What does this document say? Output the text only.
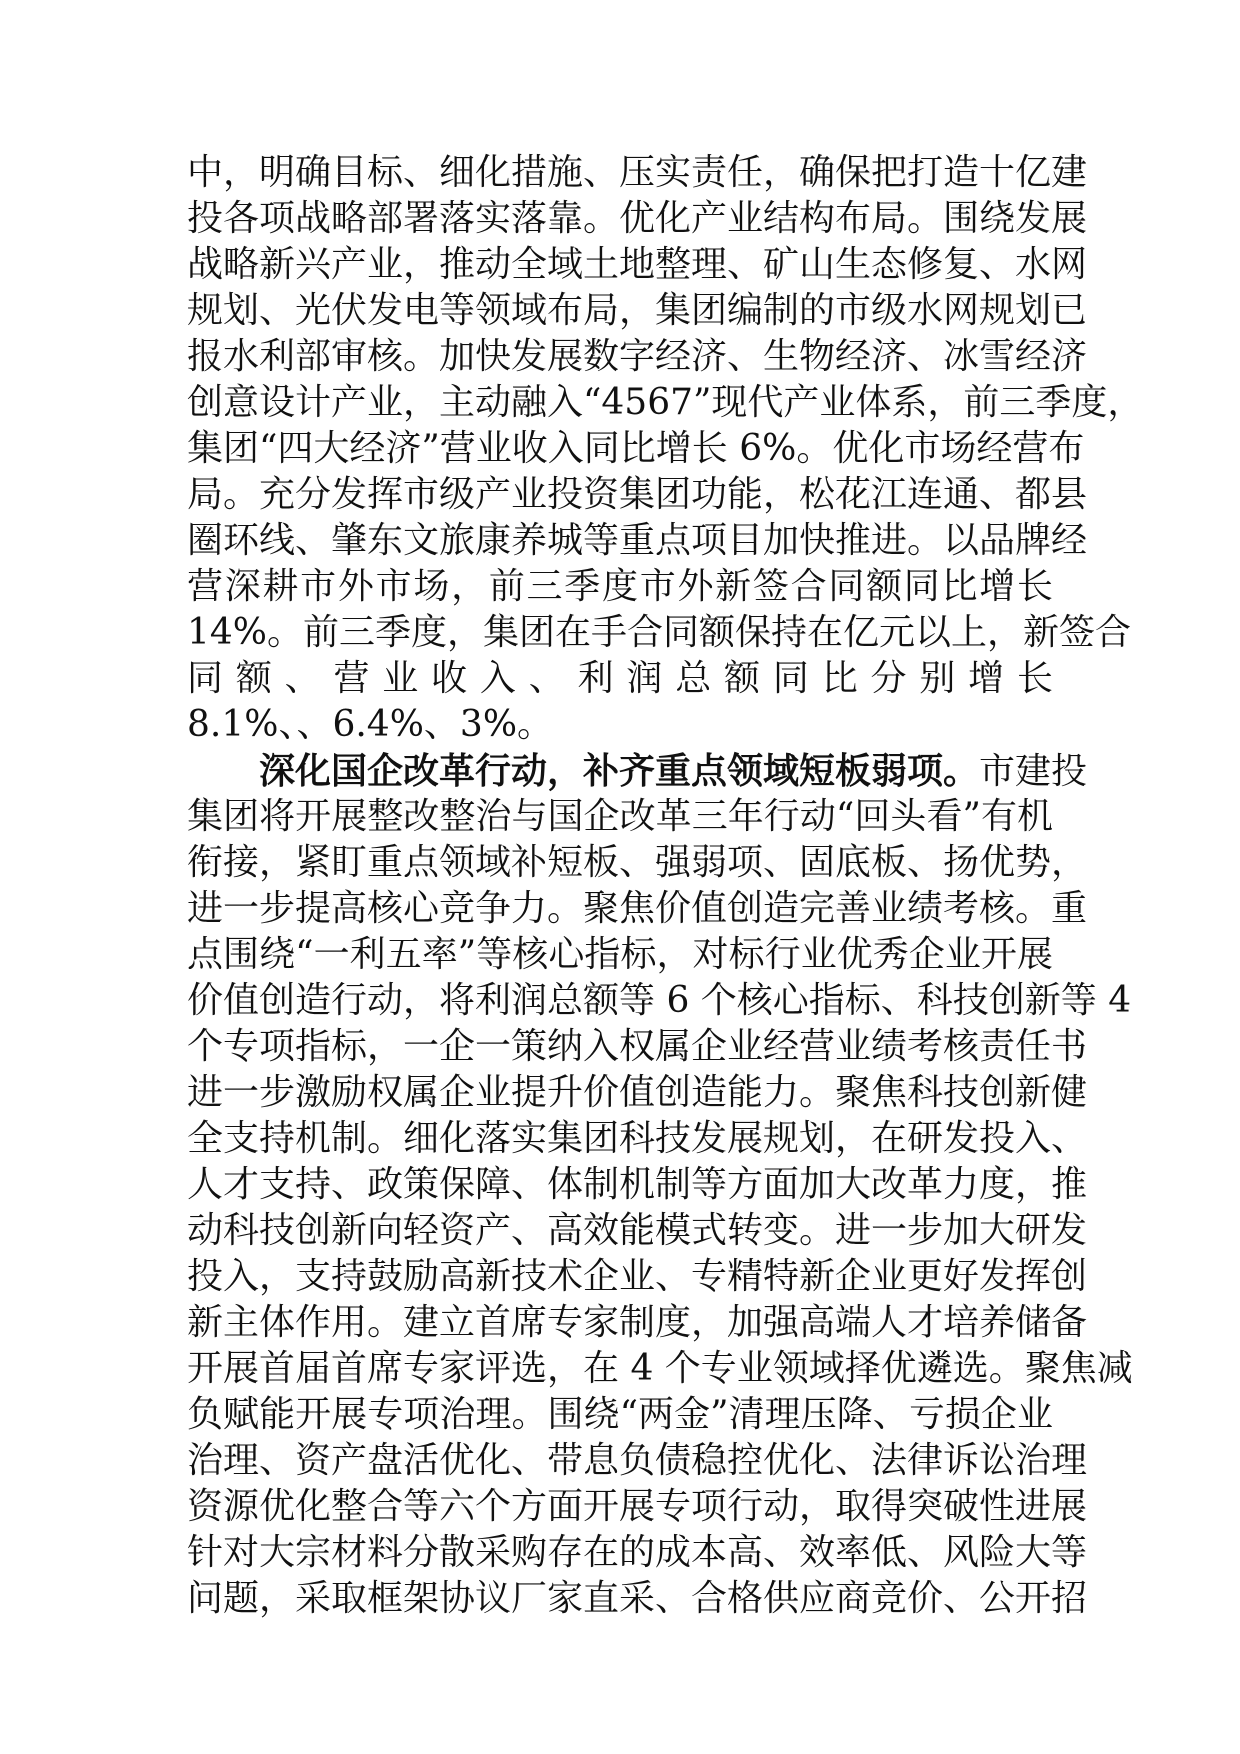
中，明确目标、细化措施、压实责任，确保把打造十亿建
投各项战略部署落实落靠。优化产业结构布局。围绕发展
战略新兴产业，推动全域土地整理、矿山生态修复、水网
规划、光伏发电等领域布局，集团编制的市级水网规划已
报水利部审核。加快发展数字经济、生物经济、冰雪经济
创意设计产业，主动融入“4567”现代产业体系，前三季度，
集团“四大经济”营业收入同比增长 6%。优化市场经营布
局。充分发挥市级产业投资集团功能，松花江连通、都县
圈环线、肇东文旅康养城等重点项目加快推进。以品牌经
营深耕市外市场，前三季度市外新签合同额同比增长
14%。前三季度，集团在手合同额保持在亿元以上，新签合
同额、营业收入、利润总额同比分别增长
8.1%、、6.4%、3%。
深化国企改革行动，补齐重点领域短板弱项。市建投
集团将开展整改整治与国企改革三年行动“回头看”有机
衔接，紧盯重点领域补短板、强弱项、固底板、扬优势，
进一步提高核心竞争力。聚焦价值创造完善业绩考核。重
点围绕“一利五率”等核心指标，对标行业优秀企业开展
价值创造行动，将利润总额等 6 个核心指标、科技创新等 4
个专项指标，一企一策纳入权属企业经营业绩考核责任书
进一步激励权属企业提升价值创造能力。聚焦科技创新健
全支持机制。细化落实集团科技发展规划，在研发投入、
人才支持、政策保障、体制机制等方面加大改革力度，推
动科技创新向轻资产、高效能模式转变。进一步加大研发
投入，支持鼓励高新技术企业、专精特新企业更好发挥创
新主体作用。建立首席专家制度，加强高端人才培养储备
开展首届首席专家评选，在 4 个专业领域择优遴选。聚焦减
负赋能开展专项治理。围绕“两金”清理压降、亏损企业
治理、资产盘活优化、带息负债稳控优化、法律诉讼治理
资源优化整合等六个方面开展专项行动，取得突破性进展
针对大宗材料分散采购存在的成本高、效率低、风险大等
问题，采取框架协议厂家直采、合格供应商竞价、公开招
